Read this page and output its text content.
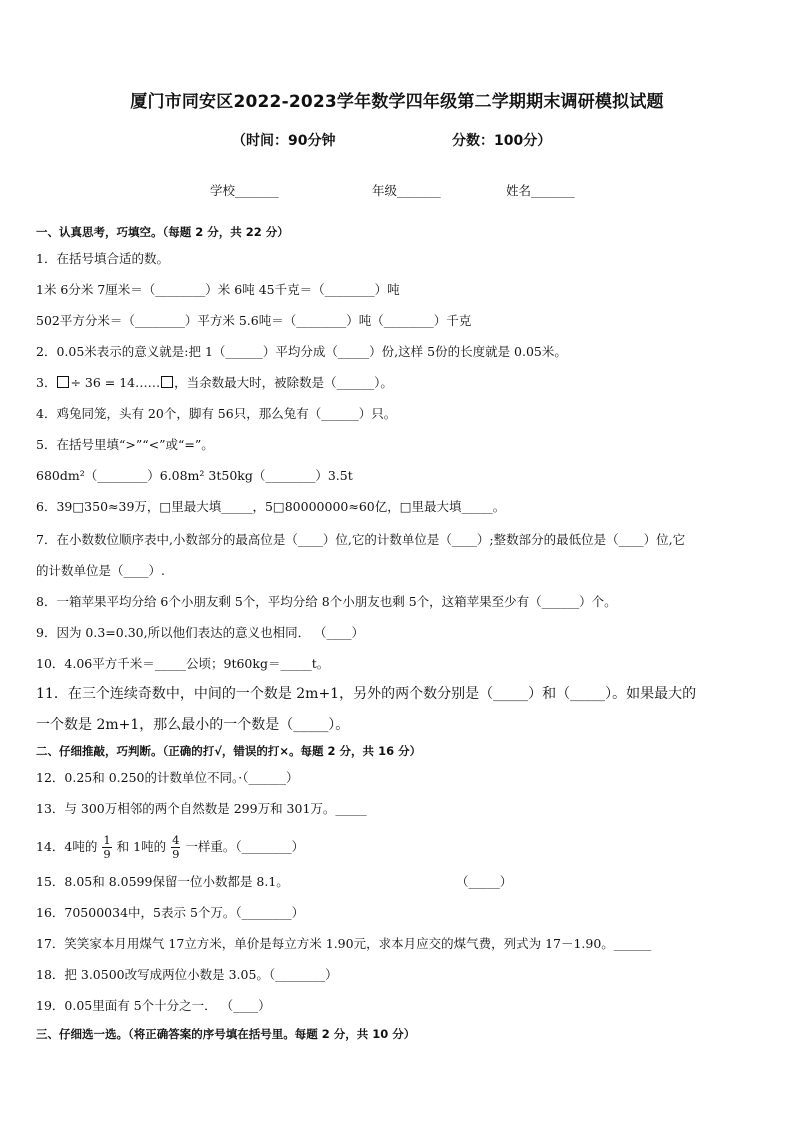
厦门市同安区2022-2023学年数学四年级第二学期期末调研模拟试题
（时间：90分钟	分数：100分）
学校_______	年级_______	姓名_______
一、认真思考，巧填空。（每题 2 分，共 22 分）
1．在括号填合适的数。
1米 6分米 7厘米＝（________）米 6吨 45千克＝（________）吨
502平方分米＝（________）平方米 5.6吨＝（________）吨（________）千克
2．0.05米表示的意义就是:把 1（______）平均分成（_____）份,这样 5份的长度就是 0.05米。
3． ÷ 36 = 14…… ，当余数最大时，被除数是（______）。
4．鸡兔同笼，头有 20个，脚有 56只，那么兔有（______）只。
5．在括号里填“>”“<”或“=”。
680dm²（________）6.08m² 3t50kg（________）3.5t
6．39□350≈39万，□里最大填_____，5□80000000≈60亿，□里最大填_____。
7．在小数数位顺序表中,小数部分的最高位是（____）位,它的计数单位是（____）;整数部分的最低位是（____）位,它
的计数单位是（____）.
8．一箱苹果平均分给 6个小朋友剩 5个，平均分给 8个小朋友也剩 5个，这箱苹果至少有（______）个。
9．因为 0.3=0.30,所以他们表达的意义也相同． （____）
10．4.06平方千米＝_____公顷；9t60kg＝_____t。
11．在三个连续奇数中，中间的一个数是 2m+1，另外的两个数分别是（_____）和（_____）。如果最大的
一个数是 2m+1，那么最小的一个数是（_____）。
二、仔细推敲，巧判断。（正确的打√，错误的打×。每题 2 分，共 16 分）
12．0.25和 0.250的计数单位不同。·（______）
13．与 300万相邻的两个自然数是 299万和 301万。_____
14．4吨的 $\frac{1}{9}$ 和 1吨的 $\frac{4}{9}$ 一样重。（________）
15．8.05和 8.0599保留一位小数都是 8.1。	（_____）
16．70500034中，5表示 5个万。（________）
17．笑笑家本月用煤气 17立方米，单价是每立方米 1.90元，求本月应交的煤气费，列式为 17－1.90。______
18．把 3.0500改写成两位小数是 3.05。（________）
19．0.05里面有 5个十分之一． （____）
三、仔细选一选。（将正确答案的序号填在括号里。每题 2 分，共 10 分）
